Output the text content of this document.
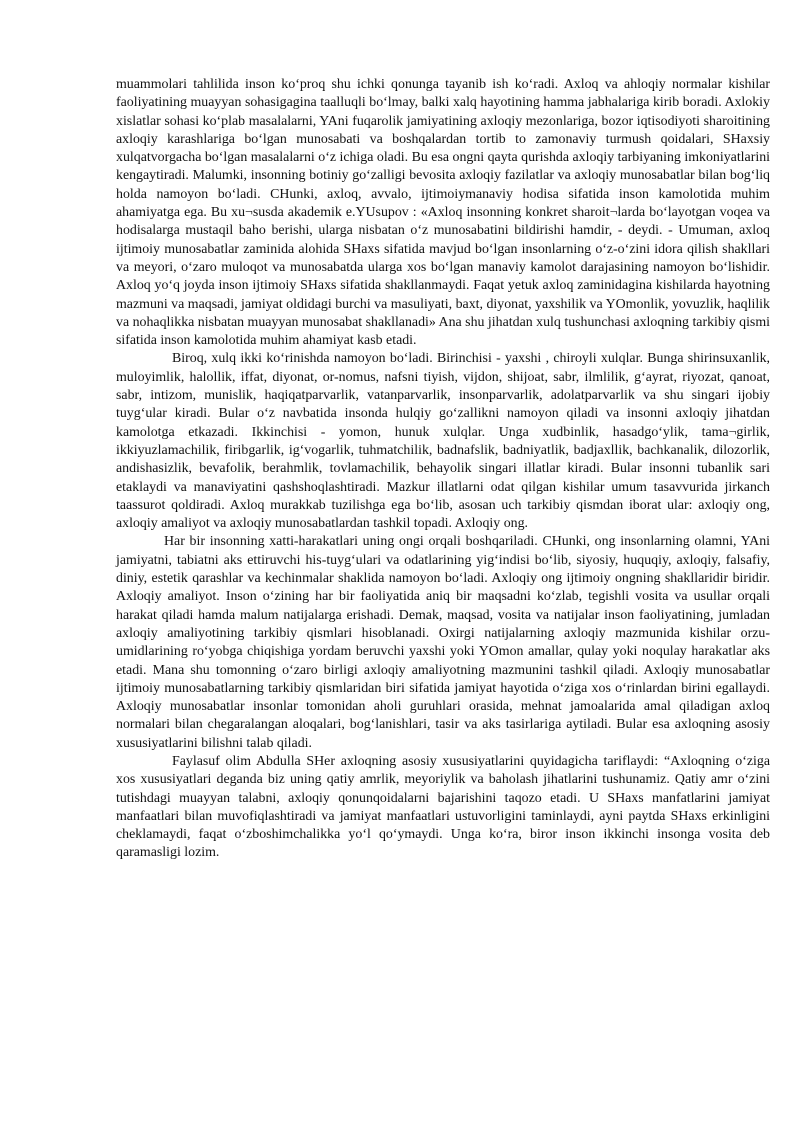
muammolari tahlilida inson ko‘proq shu ichki qonunga tayanib ish ko‘radi. Axloq va ahloqiy normalar kishilar faoliyatining muayyan sohasigagina taalluqli bo‘lmay, balki xalq hayotining hamma jabhalariga kirib boradi. Axlokiy xislatlar sohasi ko‘plab masalalarni, YAni fuqarolik jamiyatining axloqiy mezonlariga, bozor iqtisodiyoti sharoitining axloqiy karashlariga bo‘lgan munosabati va boshqalardan tortib to zamonaviy turmush qoidalari, SHaxsiy xulqatvorgacha bo‘lgan masalalarni o‘z ichiga oladi. Bu esa ongni qayta qurishda axloqiy tarbiyaning imkoniyatlarini kengaytiradi. Malumki, insonning botiniy go‘zalligi bevosita axloqiy fazilatlar va axloqiy munosabatlar bilan bog‘liq holda namoyon bo‘ladi. CHunki, axloq, avvalo, ijtimoiymanaviy hodisa sifatida inson kamolotida muhim ahamiyatga ega. Bu xu¬susda akademik e.YUsupov : «Axloq insonning konkret sharoit¬larda bo‘layotgan voqea va hodisalarga mustaqil baho berishi, ularga nisbatan o‘z munosabatini bildirishi hamdir, - deydi. - Umuman, axloq ijtimoiy munosabatlar zaminida alohida SHaxs sifatida mavjud bo‘lgan insonlarning o‘z-o‘zini idora qilish shakllari va meyori, o‘zaro muloqot va munosabatda ularga xos bo‘lgan manaviy kamolot darajasining namoyon bo‘lishidir. Axloq yo‘q joyda inson ijtimoiy SHaxs sifatida shakllanmaydi. Faqat yetuk axloq zaminidagina kishilarda hayotning mazmuni va maqsadi, jamiyat oldidagi burchi va masuliyati, baxt, diyonat, yaxshilik va YOmonlik, yovuzlik, haqlilik va nohaqlikka nisbatan muayyan munosabat shakllanadi» Ana shu jihatdan xulq tushunchasi axloqning tarkibiy qismi sifatida inson kamolotida muhim ahamiyat kasb etadi.

Biroq, xulq ikki ko‘rinishda namoyon bo‘ladi. Birinchisi - yaxshi , chiroyli xulqlar. Bunga shirinsuxanlik, muloyimlik, halollik, iffat, diyonat, or-nomus, nafsni tiyish, vijdon, shijoat, sabr, ilmlilik, g‘ayrat, riyozat, qanoat, sabr, intizom, munislik, haqiqatparvarlik, vatanparvarlik, insonparvarlik, adolatparvarlik va shu singari ijobiy tuyg‘ular kiradi. Bular o‘z navbatida insonda hulqiy go‘zallikni namoyon qiladi va insonni axloqiy jihatdan kamolotga etkazadi. Ikkinchisi - yomon, hunuk xulqlar. Unga xudbinlik, hasadgo‘ylik, tama¬girlik, ikkiyuzlamachilik, firibgarlik, ig‘vogarlik, tuhmatchilik, badnafslik, badniyatlik, badjaxllik, bachkanalik, dilozorlik, andishasizlik, bevafolik, berahmlik, tovlamachilik, behayolik singari illatlar kiradi. Bular insonni tubanlik sari etaklaydi va manaviyatini qashshoqlashtiradi. Mazkur illatlarni odat qilgan kishilar umum tasavvurida jirkanch taassurot qoldiradi. Axloq murakkab tuzilishga ega bo‘lib, asosan uch tarkibiy qismdan iborat ular: axloqiy ong, axloqiy amaliyot va axloqiy munosabatlardan tashkil topadi. Axloqiy ong.

Har bir insonning xatti-harakatlari uning ongi orqali boshqariladi. CHunki, ong insonlarning olamni, YAni jamiyatni, tabiatni aks ettiruvchi his-tuyg‘ulari va odatlarining yig‘indisi bo‘lib, siyosiy, huquqiy, axloqiy, falsafiy, diniy, estetik qarashlar va kechinmalar shaklida namoyon bo‘ladi. Axloqiy ong ijtimoiy ongning shakllaridir biridir. Axloqiy amaliyot. Inson o‘zining har bir faoliyatida aniq bir maqsadni ko‘zlab, tegishli vosita va usullar orqali harakat qiladi hamda malum natijalarga erishadi. Demak, maqsad, vosita va natijalar inson faoliyatining, jumladan axloqiy amaliyotining tarkibiy qismlari hisoblanadi. Oxirgi natijalarning axloqiy mazmunida kishilar orzu-umidlarining ro‘yobga chiqishiga yordam beruvchi yaxshi yoki YOmon amallar, qulay yoki noqulay harakatlar aks etadi. Mana shu tomonning o‘zaro birligi axloqiy amaliyotning mazmunini tashkil qiladi. Axloqiy munosabatlar ijtimoiy munosabatlarning tarkibiy qismlaridan biri sifatida jamiyat hayotida o‘ziga xos o‘rinlardan birini egallaydi. Axloqiy munosabatlar insonlar tomonidan aholi guruhlari orasida, mehnat jamoalarida amal qiladigan axloq normalari bilan chegaralangan aloqalari, bog‘lanishlari, tasir va aks tasirlariga aytiladi. Bular esa axloqning asosiy xususiyatlarini bilishni talab qiladi.

Faylasuf olim Abdulla SHer axloqning asosiy xususiyatlarini quyidagicha tariflaydi: “Axloqning o‘ziga xos xususiyatlari deganda biz uning qatiy amrlik, meyoriylik va baholash jihatlarini tushunamiz. Qatiy amr o‘zini tutishdagi muayyan talabni, axloqiy qonunqoidalarni bajarishini taqozo etadi. U SHaxs manfatlarini jamiyat manfaatlari bilan muvofiqlashtiradi va jamiyat manfaatlari ustuvorligini taminlaydi, ayni paytda SHaxs erkinligini cheklamaydi, faqat o‘zboshimchalikka yo‘l qo‘ymaydi. Unga ko‘ra, biror inson ikkinchi insonga vosita deb qaramasligi lozim.
